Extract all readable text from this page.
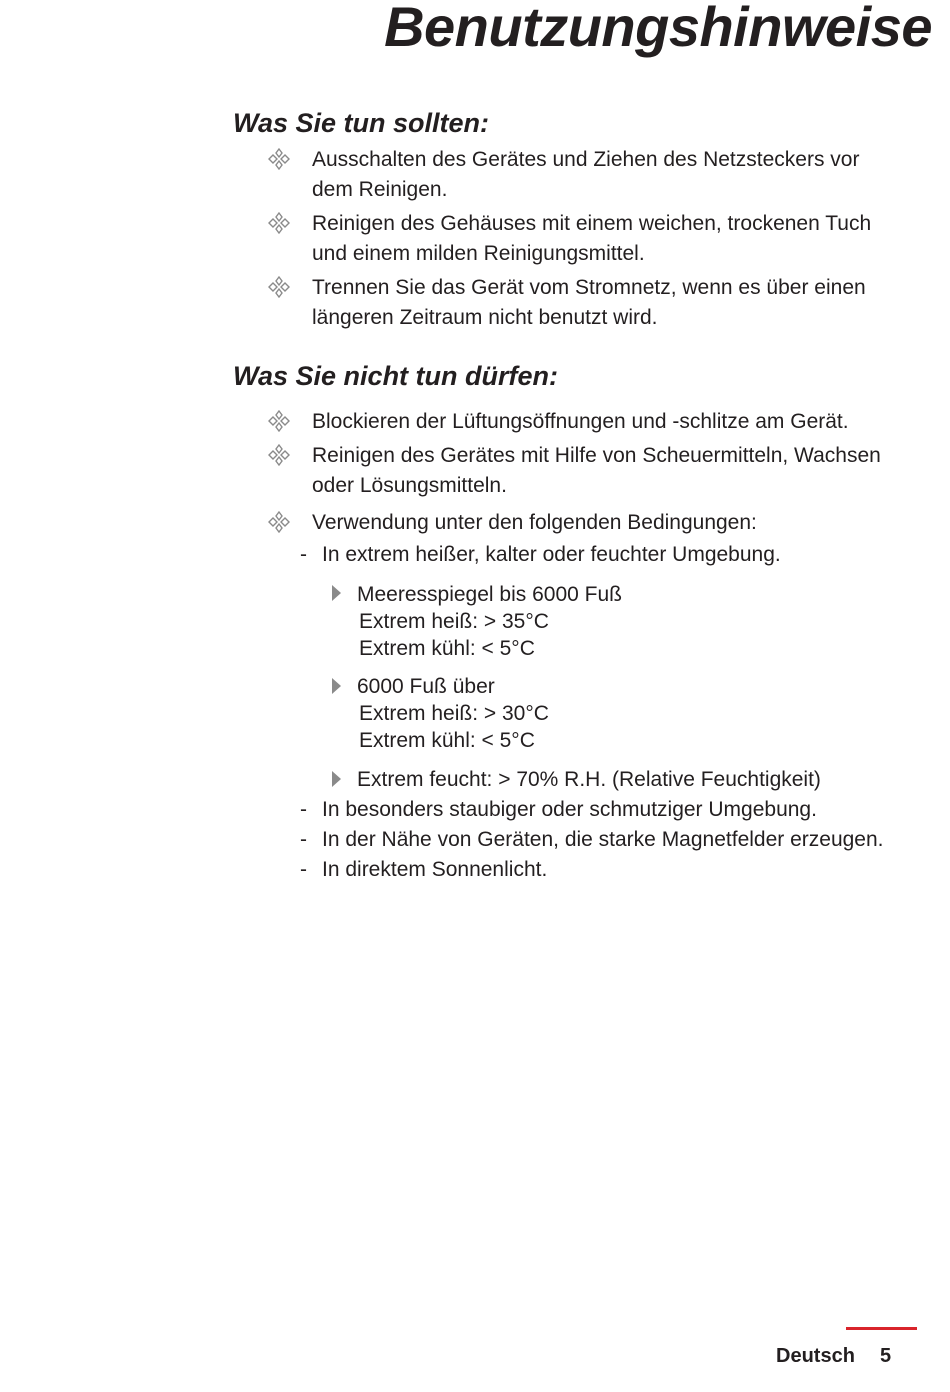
Benutzungshinweise
Was Sie tun sollten:
Ausschalten des Gerätes und Ziehen des Netzsteckers vor
dem Reinigen.
Reinigen des Gehäuses mit einem weichen, trockenen Tuch
und einem milden Reinigungsmittel.
Trennen Sie das Gerät vom Stromnetz, wenn es über einen
längeren Zeitraum nicht benutzt wird.
Was Sie nicht tun dürfen:
Blockieren der Lüftungsöffnungen und -schlitze am Gerät.
Reinigen des Gerätes mit Hilfe von Scheuermitteln, Wachsen
oder Lösungsmitteln.
Verwendung unter den folgenden Bedingungen:
- In extrem heißer, kalter oder feuchter Umgebung.
Meeresspiegel bis 6000 Fuß
Extrem heiß: > 35°C
Extrem kühl: < 5°C
6000 Fuß über
Extrem heiß: > 30°C
Extrem kühl: < 5°C
Extrem feucht: > 70% R.H. (Relative Feuchtigkeit)
- In besonders staubiger oder schmutziger Umgebung.
- In der Nähe von Geräten, die starke Magnetfelder erzeugen.
- In direktem Sonnenlicht.
Deutsch 5
